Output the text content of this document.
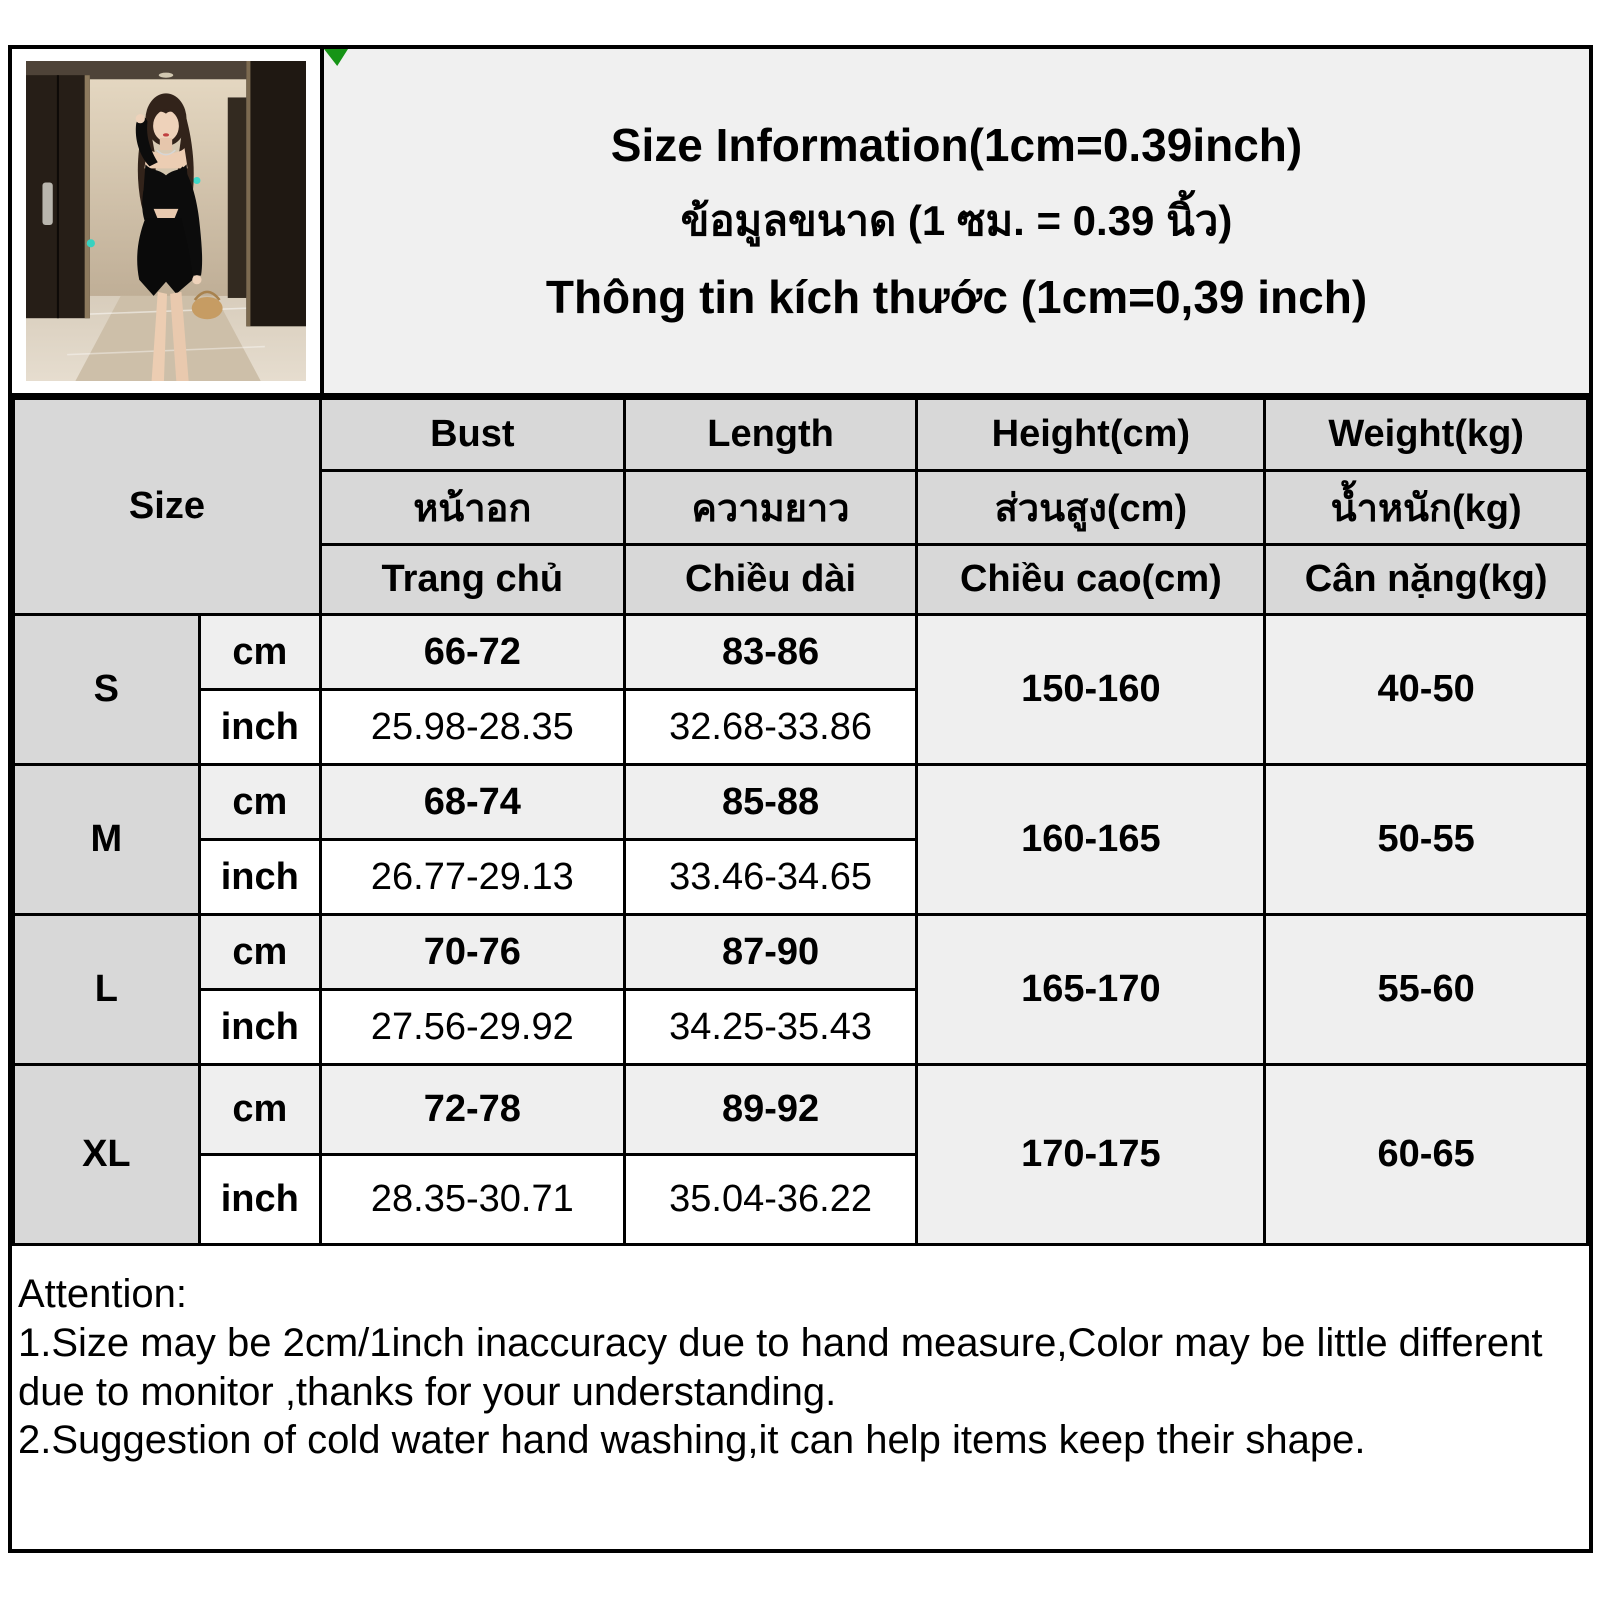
Size Information(1cm=0.39inch)
ข้อมูลขนาด (1 ซม. = 0.39 นิ้ว)
Thông tin kích thước (1cm=0,39 inch)
Size		Bust	Length	Height(cm)	Weight(kg)
		หน้าอก	ความยาว	ส่วนสูง(cm)	น้ำหนัก(kg)
		Trang chủ	Chiều dài	Chiều cao(cm)	Cân nặng(kg)
S	cm	66-72	83-86	150-160	40-50
	inch	25.98-28.35	32.68-33.86		
M	cm	68-74	85-88	160-165	50-55
	inch	26.77-29.13	33.46-34.65		
L	cm	70-76	87-90	165-170	55-60
	inch	27.56-29.92	34.25-35.43		
XL	cm	72-78	89-92	170-175	60-65
	inch	28.35-30.71	35.04-36.22		

Attention:

1.Size may be 2cm/1inch inaccuracy due to hand measure,Color may be little different due to monitor ,thanks for your understanding.

2.Suggestion of cold water hand washing,it can help items keep their shape.
